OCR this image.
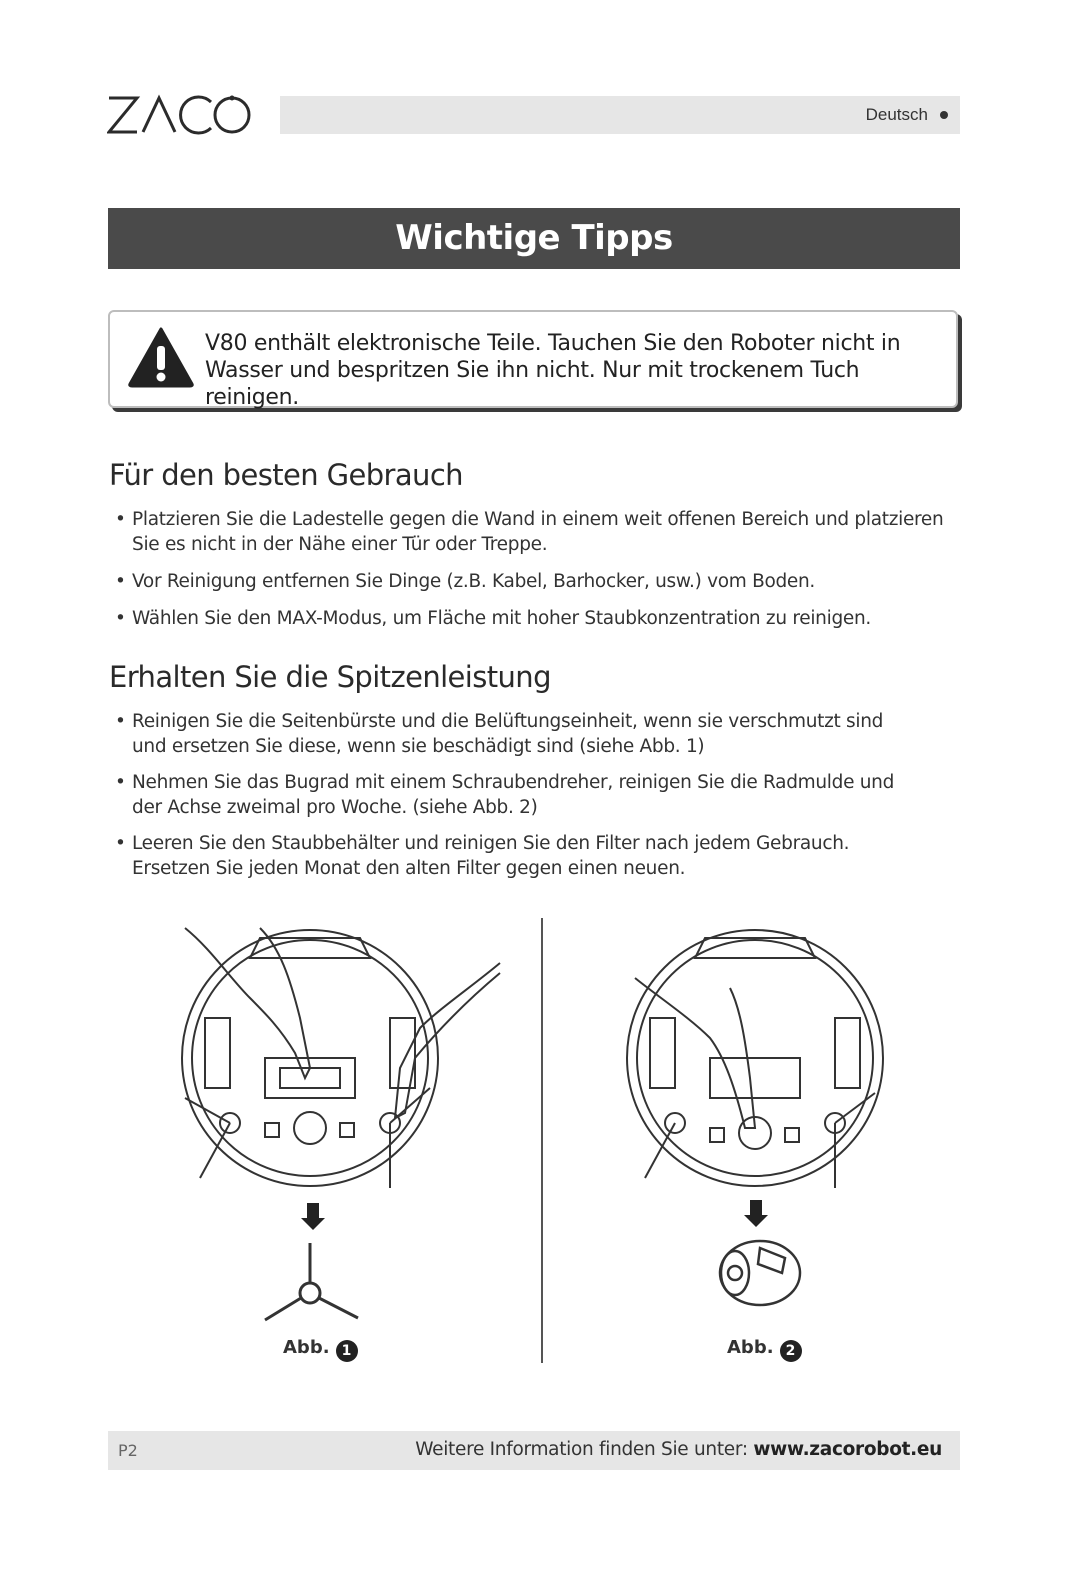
Deutsch
Wichtige Tipps
V80 enthält elektronische Teile. Tauchen Sie den Roboter nicht in
Wasser und bespritzen Sie ihn nicht. Nur mit trockenem Tuch reinigen.
Für den besten Gebrauch
• Platzieren Sie die Ladestelle gegen die Wand in einem weit offenen Bereich und platzieren Sie es nicht in der Nähe einer Tür oder Treppe.
• Vor Reinigung entfernen Sie Dinge (z.B. Kabel, Barhocker, usw.) vom Boden.
• Wählen Sie den MAX-Modus, um Fläche mit hoher Staubkonzentration zu reinigen.
Erhalten Sie die Spitzenleistung
• Reinigen Sie die Seitenbürste und die Belüftungseinheit, wenn sie verschmutzt sind und ersetzen Sie diese, wenn sie beschädigt sind (siehe Abb. 1)
• Nehmen Sie das Bugrad mit einem Schraubendreher, reinigen Sie die Radmulde und der Achse zweimal pro Woche. (siehe Abb. 2)
• Leeren Sie den Staubbehälter und reinigen Sie den Filter nach jedem Gebrauch. Ersetzen Sie jeden Monat den alten Filter gegen einen neuen.
Abb. 1	Abb. 2
P2	Weitere Information finden Sie unter: www.zacorobot.eu
